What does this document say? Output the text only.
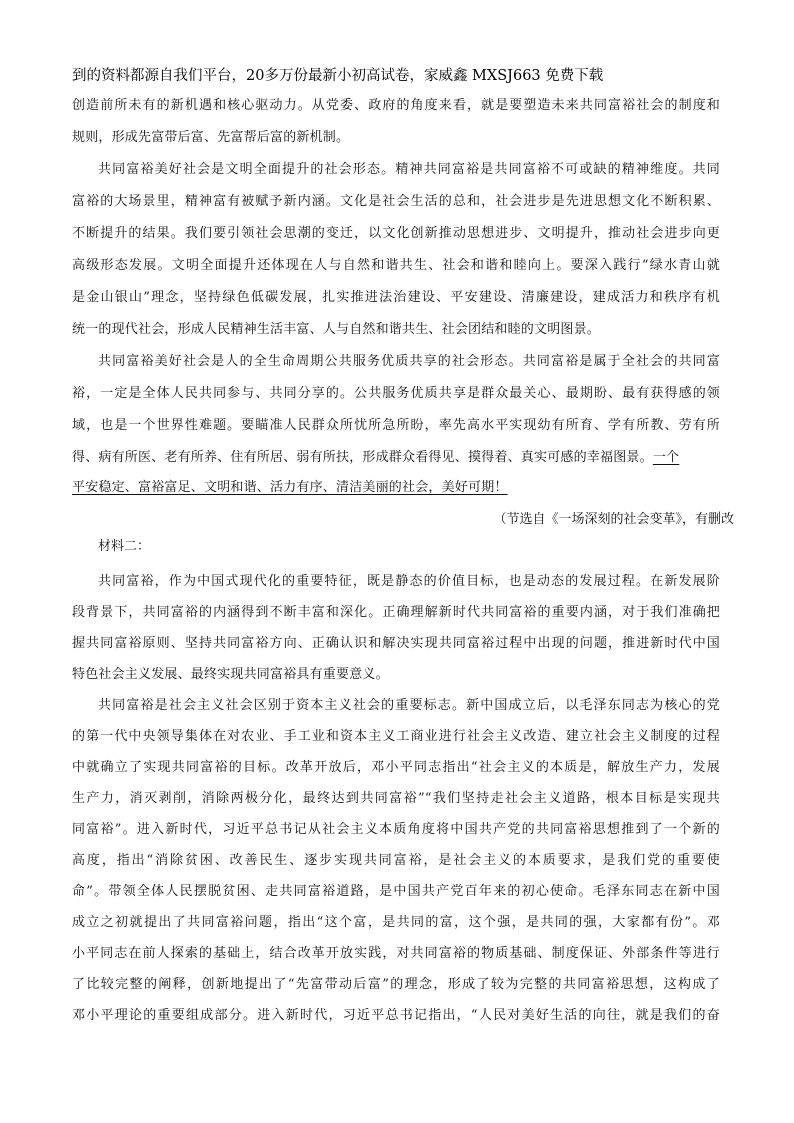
到的资料都源自我们平台，20多万份最新小初高试卷，家威鑫 MXSJ663 免费下载
创造前所未有的新机遇和核心驱动力。从党委、政府的角度来看，就是要塑造未来共同富裕社会的制度和
规则，形成先富带后富、先富帮后富的新机制。
共同富裕美好社会是文明全面提升的社会形态。精神共同富裕是共同富裕不可或缺的精神维度。共同
富裕的大场景里，精神富有被赋予新内涵。文化是社会生活的总和，社会进步是先进思想文化不断积累、
不断提升的结果。我们要引领社会思潮的变迁，以文化创新推动思想进步、文明提升，推动社会进步向更
高级形态发展。文明全面提升还体现在人与自然和谐共生、社会和谐和睦向上。要深入践行“绿水青山就
是金山银山”理念，坚持绿色低碳发展，扎实推进法治建设、平安建设、清廉建设，建成活力和秩序有机
统一的现代社会，形成人民精神生活丰富、人与自然和谐共生、社会团结和睦的文明图景。
共同富裕美好社会是人的全生命周期公共服务优质共享的社会形态。共同富裕是属于全社会的共同富
裕，一定是全体人民共同参与、共同分享的。公共服务优质共享是群众最关心、最期盼、最有获得感的领
域，也是一个世界性难题。要瞄准人民群众所忧所急所盼，率先高水平实现幼有所育、学有所教、劳有所
得、病有所医、老有所养、住有所居、弱有所扶，形成群众看得见、摸得着、真实可感的幸福图景。一个
平安稳定、富裕富足、文明和谐、活力有序、清洁美丽的社会，美好可期！
（节选自《一场深刻的社会变革》，有删改
材料二：
共同富裕，作为中国式现代化的重要特征，既是静态的价值目标，也是动态的发展过程。在新发展阶
段背景下，共同富裕的内涵得到不断丰富和深化。正确理解新时代共同富裕的重要内涵，对于我们准确把
握共同富裕原则、坚持共同富裕方向、正确认识和解决实现共同富裕过程中出现的问题，推进新时代中国
特色社会主义发展、最终实现共同富裕具有重要意义。
共同富裕是社会主义社会区别于资本主义社会的重要标志。新中国成立后，以毛泽东同志为核心的党
的第一代中央领导集体在对农业、手工业和资本主义工商业进行社会主义改造、建立社会主义制度的过程
中就确立了实现共同富裕的目标。改革开放后，邓小平同志指出“社会主义的本质是，解放生产力，发展
生产力，消灭剥削，消除两极分化，最终达到共同富裕”“我们坚持走社会主义道路，根本目标是实现共
同富裕”。进入新时代，习近平总书记从社会主义本质角度将中国共产党的共同富裕思想推到了一个新的
高度，指出“消除贫困、改善民生、逐步实现共同富裕，是社会主义的本质要求，是我们党的重要使
命”。带领全体人民摆脱贫困、走共同富裕道路，是中国共产党百年来的初心使命。毛泽东同志在新中国
成立之初就提出了共同富裕问题，指出“这个富，是共同的富，这个强，是共同的强，大家都有份”。邓
小平同志在前人探索的基础上，结合改革开放实践，对共同富裕的物质基础、制度保证、外部条件等进行
了比较完整的阐释，创新地提出了“先富带动后富”的理念，形成了较为完整的共同富裕思想，这构成了
邓小平理论的重要组成部分。进入新时代，习近平总书记指出，“人民对美好生活的向往，就是我们的奋
